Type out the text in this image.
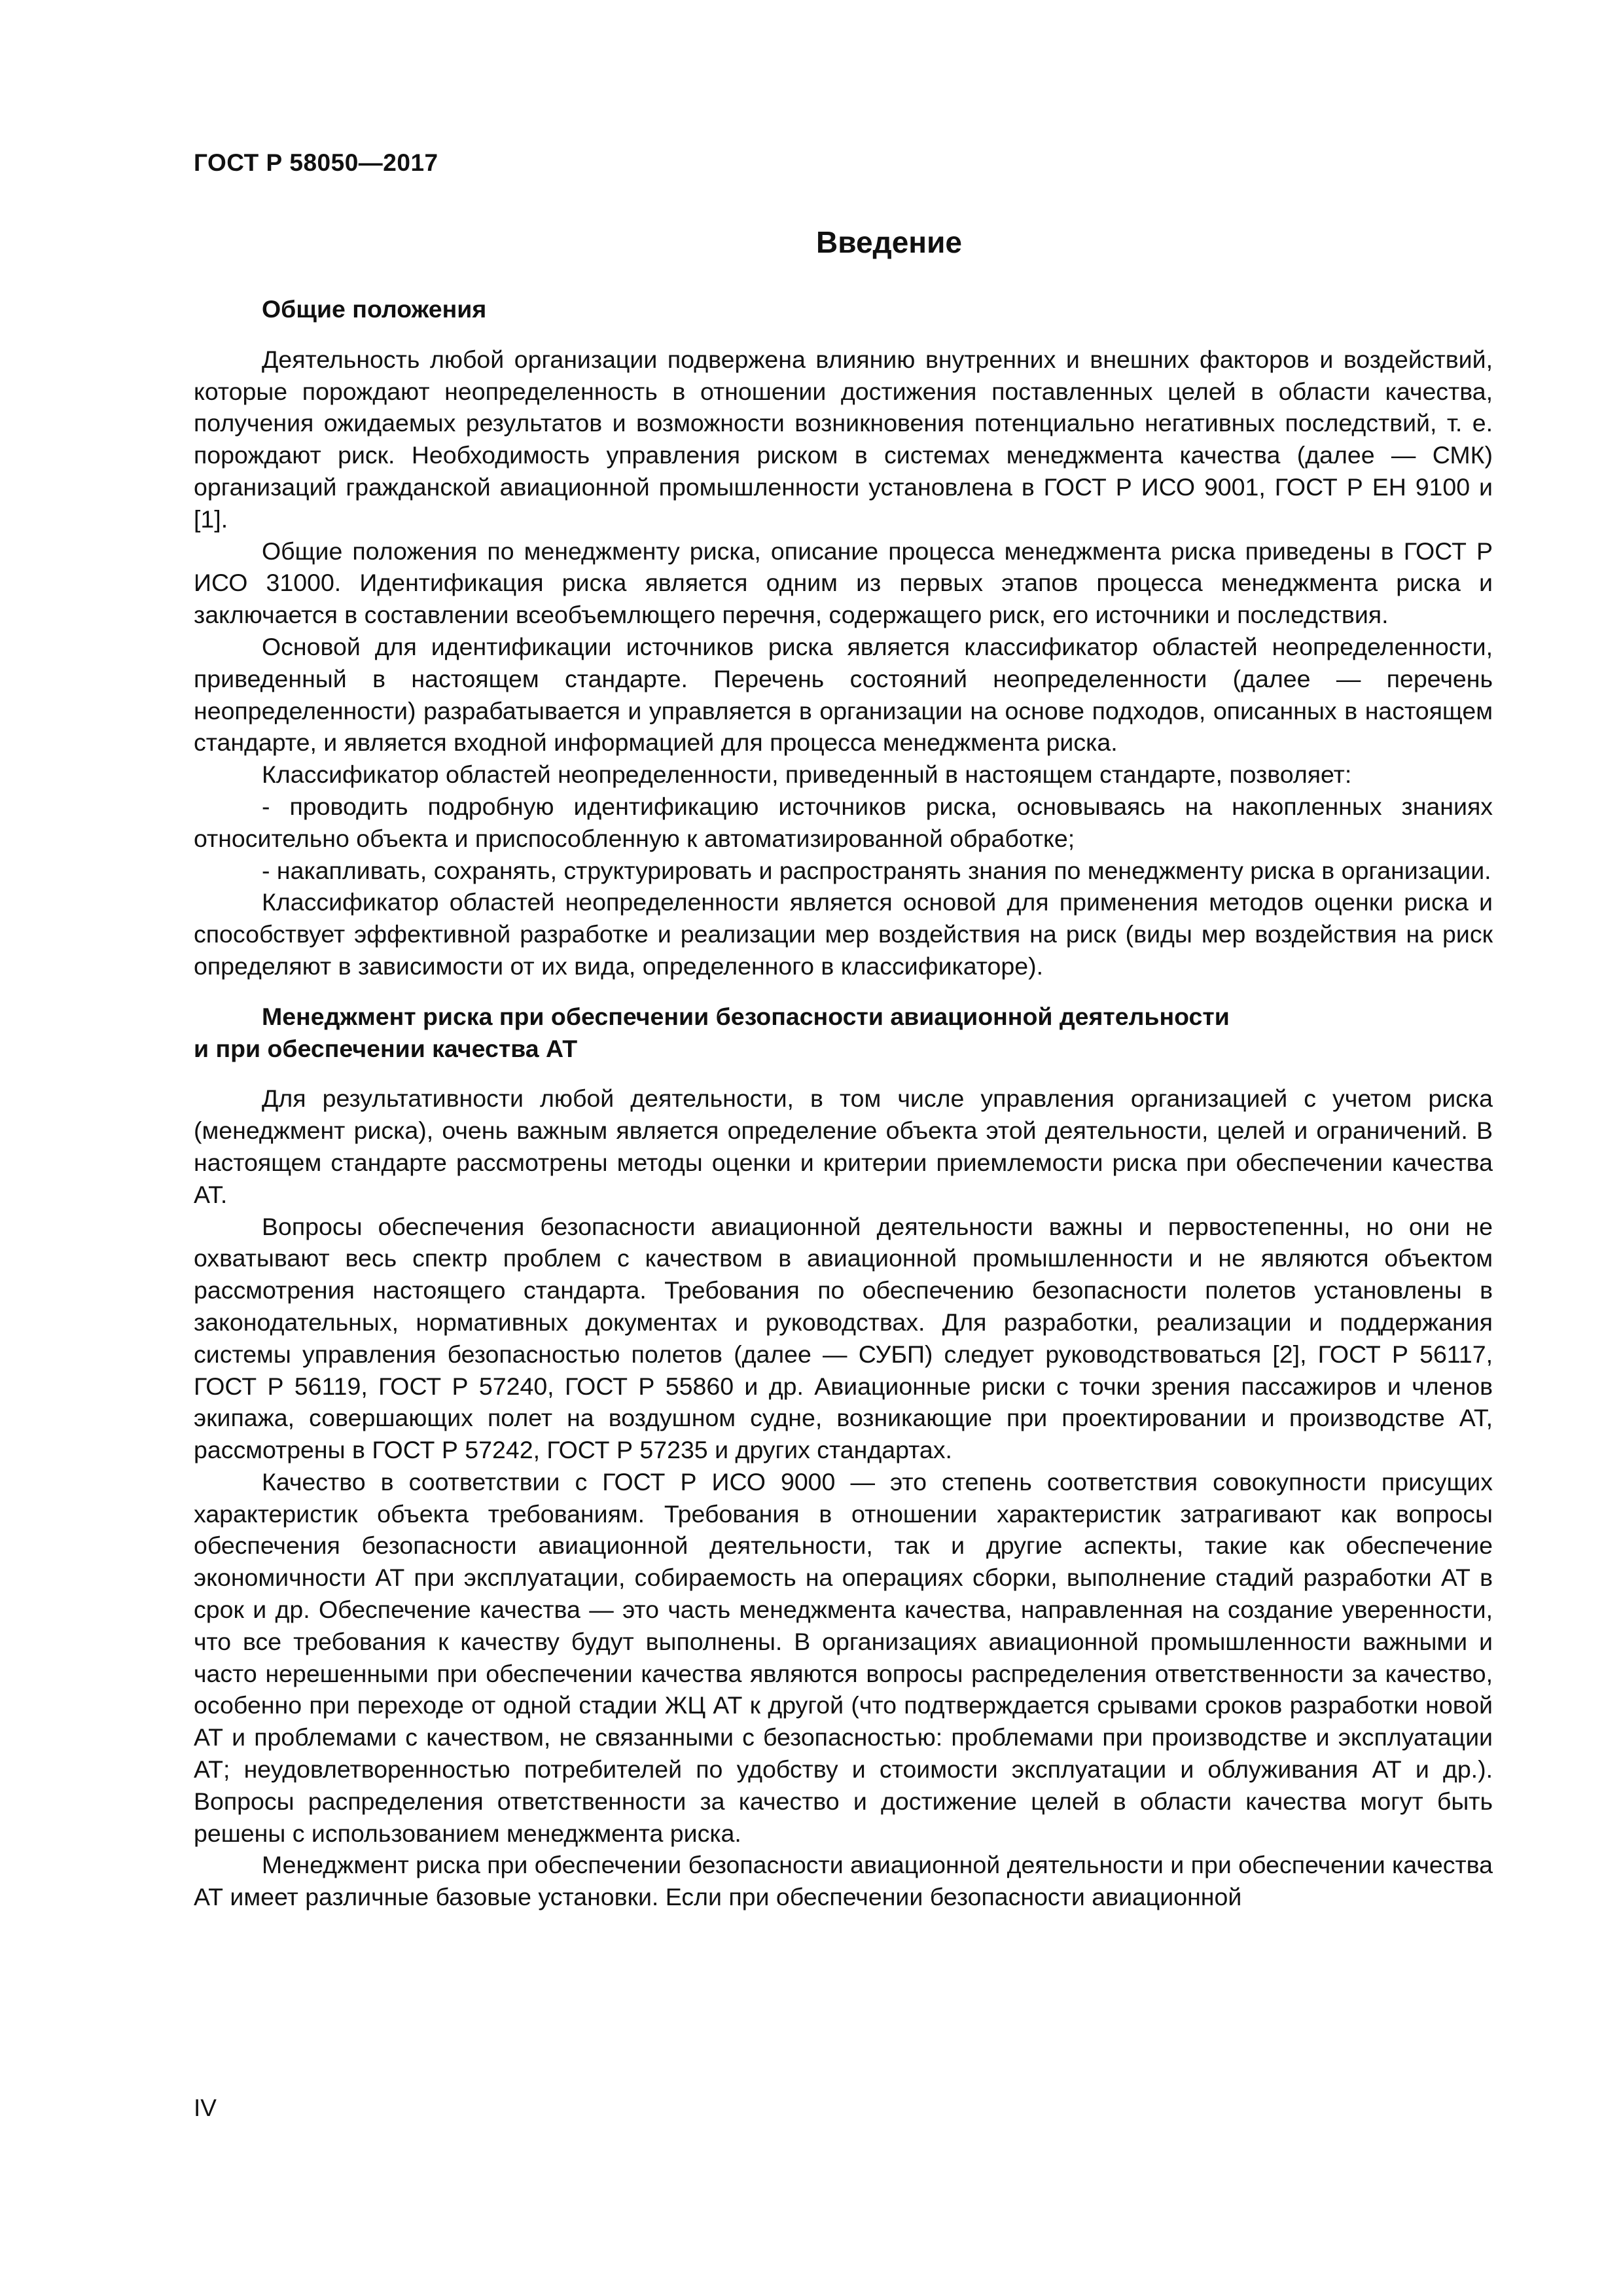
ГОСТ Р 58050—2017
Введение
Общие положения

Деятельность любой организации подвержена влиянию внутренних и внешних факторов и воздействий, которые порождают неопределенность в отношении достижения поставленных целей в области качества, получения ожидаемых результатов и возможности возникновения потенциально негативных последствий, т. е. порождают риск. Необходимость управления риском в системах менеджмента качества (далее — СМК) организаций гражданской авиационной промышленности установлена в ГОСТ Р ИСО 9001, ГОСТ Р ЕН 9100 и [1].

Общие положения по менеджменту риска, описание процесса менеджмента риска приведены в ГОСТ Р ИСО 31000. Идентификация риска является одним из первых этапов процесса менеджмента риска и заключается в составлении всеобъемлющего перечня, содержащего риск, его источники и последствия.

Основой для идентификации источников риска является классификатор областей неопределенности, приведенный в настоящем стандарте. Перечень состояний неопределенности (далее — перечень неопределенности) разрабатывается и управляется в организации на основе подходов, описанных в настоящем стандарте, и является входной информацией для процесса менеджмента риска.

Классификатор областей неопределенности, приведенный в настоящем стандарте, позволяет:

- проводить подробную идентификацию источников риска, основываясь на накопленных знаниях относительно объекта и приспособленную к автоматизированной обработке;

- накапливать, сохранять, структурировать и распространять знания по менеджменту риска в организации.

Классификатор областей неопределенности является основой для применения методов оценки риска и способствует эффективной разработке и реализации мер воздействия на риск (виды мер воздействия на риск определяют в зависимости от их вида, определенного в классификаторе).

Менеджмент риска при обеспечении безопасности авиационной деятельности
и при обеспечении качества АТ

Для результативности любой деятельности, в том числе управления организацией с учетом риска (менеджмент риска), очень важным является определение объекта этой деятельности, целей и ограничений. В настоящем стандарте рассмотрены методы оценки и критерии приемлемости риска при обеспечении качества АТ.

Вопросы обеспечения безопасности авиационной деятельности важны и первостепенны, но они не охватывают весь спектр проблем с качеством в авиационной промышленности и не являются объектом рассмотрения настоящего стандарта. Требования по обеспечению безопасности полетов установлены в законодательных, нормативных документах и руководствах. Для разработки, реализации и поддержания системы управления безопасностью полетов (далее — СУБП) следует руководствоваться [2], ГОСТ Р 56117, ГОСТ Р 56119, ГОСТ Р 57240, ГОСТ Р 55860 и др. Авиационные риски с точки зрения пассажиров и членов экипажа, совершающих полет на воздушном судне, возникающие при проектировании и производстве АТ, рассмотрены в ГОСТ Р 57242, ГОСТ Р 57235 и других стандартах.

Качество в соответствии с ГОСТ Р ИСО 9000 — это степень соответствия совокупности присущих характеристик объекта требованиям. Требования в отношении характеристик затрагивают как вопросы обеспечения безопасности авиационной деятельности, так и другие аспекты, такие как обеспечение экономичности АТ при эксплуатации, собираемость на операциях сборки, выполнение стадий разработки АТ в срок и др. Обеспечение качества — это часть менеджмента качества, направленная на создание уверенности, что все требования к качеству будут выполнены. В организациях авиационной промышленности важными и часто нерешенными при обеспечении качества являются вопросы распределения ответственности за качество, особенно при переходе от одной стадии ЖЦ АТ к другой (что подтверждается срывами сроков разработки новой АТ и проблемами с качеством, не связанными с безопасностью: проблемами при производстве и эксплуатации АТ; неудовлетворенностью потребителей по удобству и стоимости эксплуатации и облуживания АТ и др.). Вопросы распределения ответственности за качество и достижение целей в области качества могут быть решены с использованием менеджмента риска.

Менеджмент риска при обеспечении безопасности авиационной деятельности и при обеспечении качества АТ имеет различные базовые установки. Если при обеспечении безопасности авиационной

IV
